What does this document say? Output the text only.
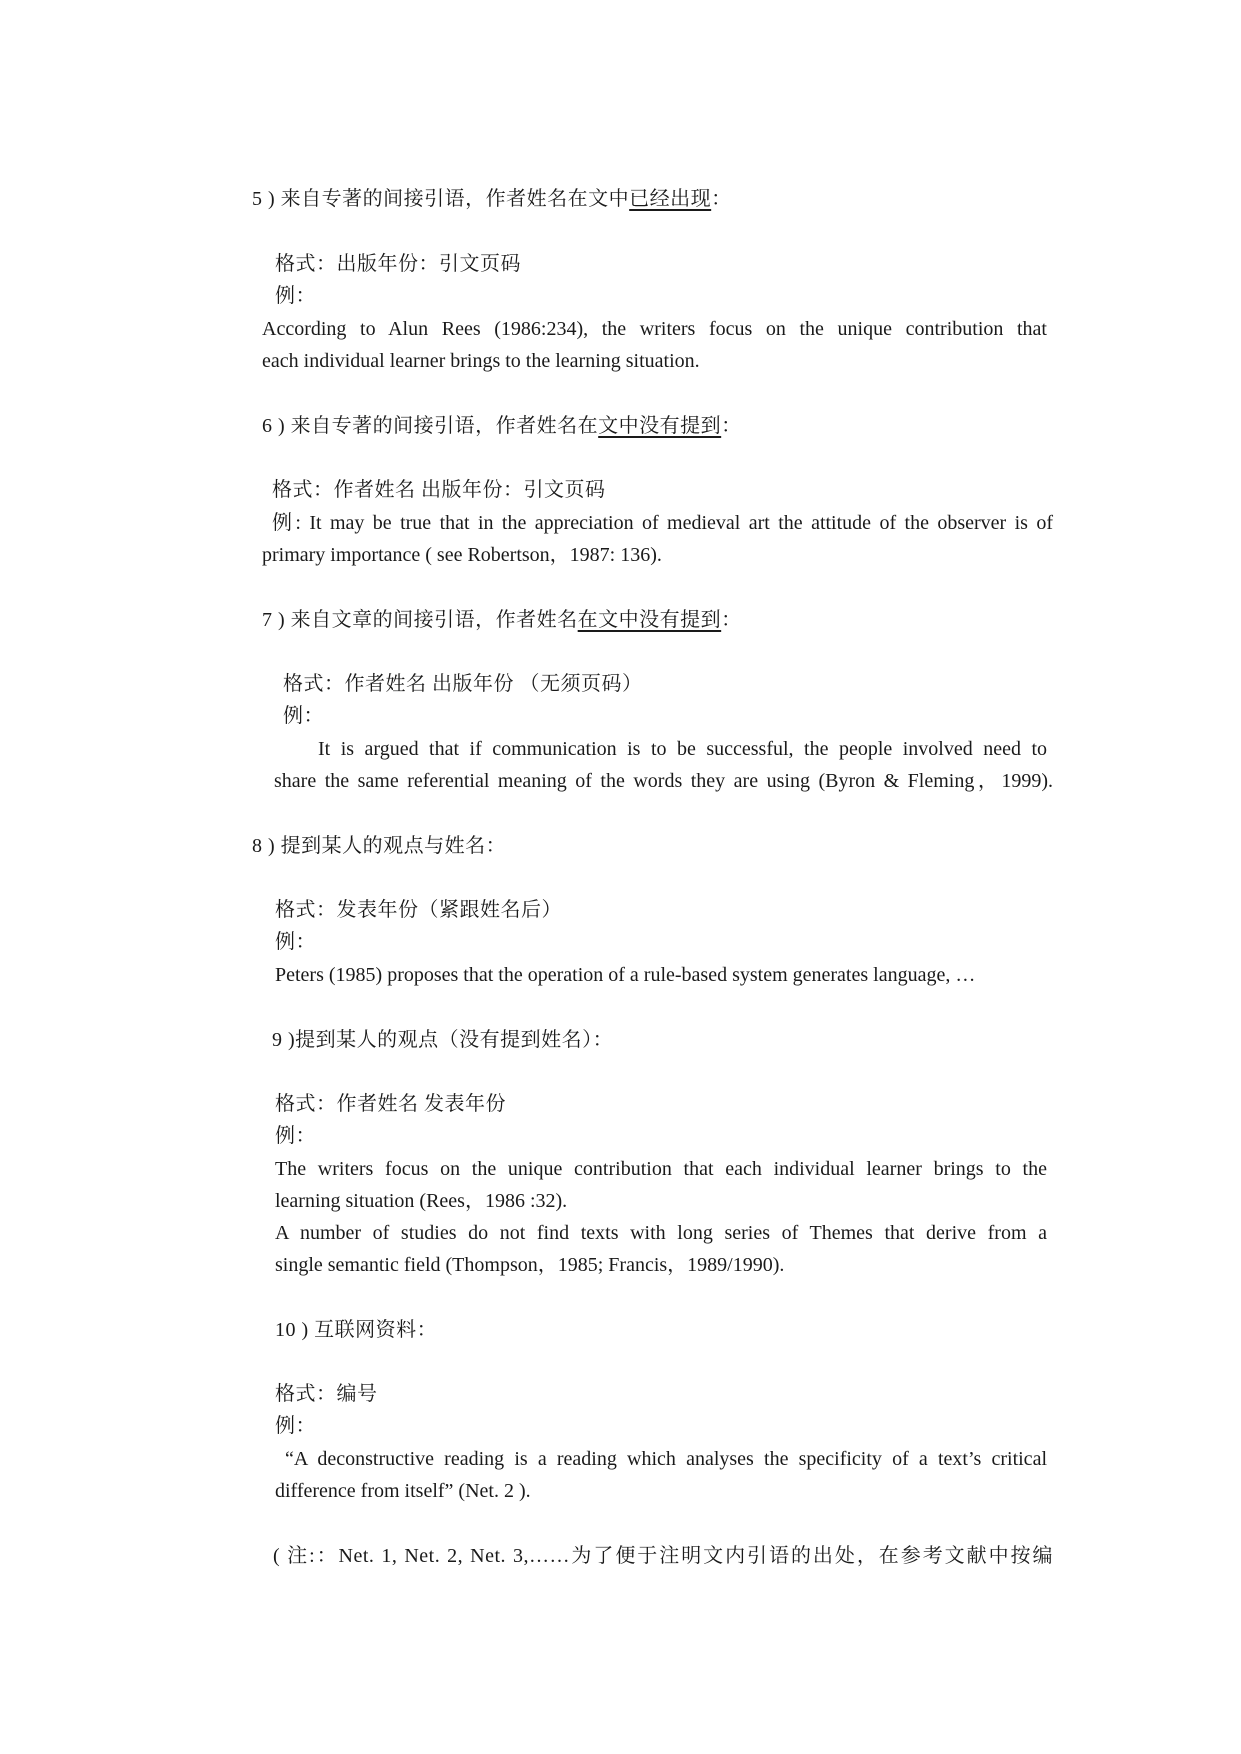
5 ) 来自专著的间接引语，作者姓名在文中已经出现：
格式：出版年份：引文页码
例：
According to Alun Rees (1986:234), the writers focus on the unique contribution that
each individual learner brings to the learning situation.
6 ) 来自专著的间接引语，作者姓名在文中没有提到：
格式：作者姓名 出版年份：引文页码
例: It may be true that in the appreciation of medieval art the attitude of the observer is of
primary importance ( see Robertson，1987: 136).
7 ) 来自文章的间接引语，作者姓名在文中没有提到：
格式：作者姓名 出版年份 （无须页码）
例：
It is argued that if communication is to be successful, the people involved need to
share the same referential meaning of the words they are using (Byron & Fleming，1999).
8 ) 提到某人的观点与姓名：
格式：发表年份（紧跟姓名后）
例：
Peters (1985) proposes that the operation of a rule-based system generates language, …
9 )提到某人的观点（没有提到姓名）：
格式：作者姓名 发表年份
例：
The writers focus on the unique contribution that each individual learner brings to the
learning situation (Rees，1986 :32).
A number of studies do not find texts with long series of Themes that derive from a
single semantic field (Thompson，1985; Francis，1989/1990).
10 ) 互联网资料：
格式：编号
例：
“A deconstructive reading is a reading which analyses the specificity of a text’s critical
difference from itself” (Net. 2 ).
( 注:：Net. 1, Net. 2, Net. 3,……为了便于注明文内引语的出处，在参考文献中按编
